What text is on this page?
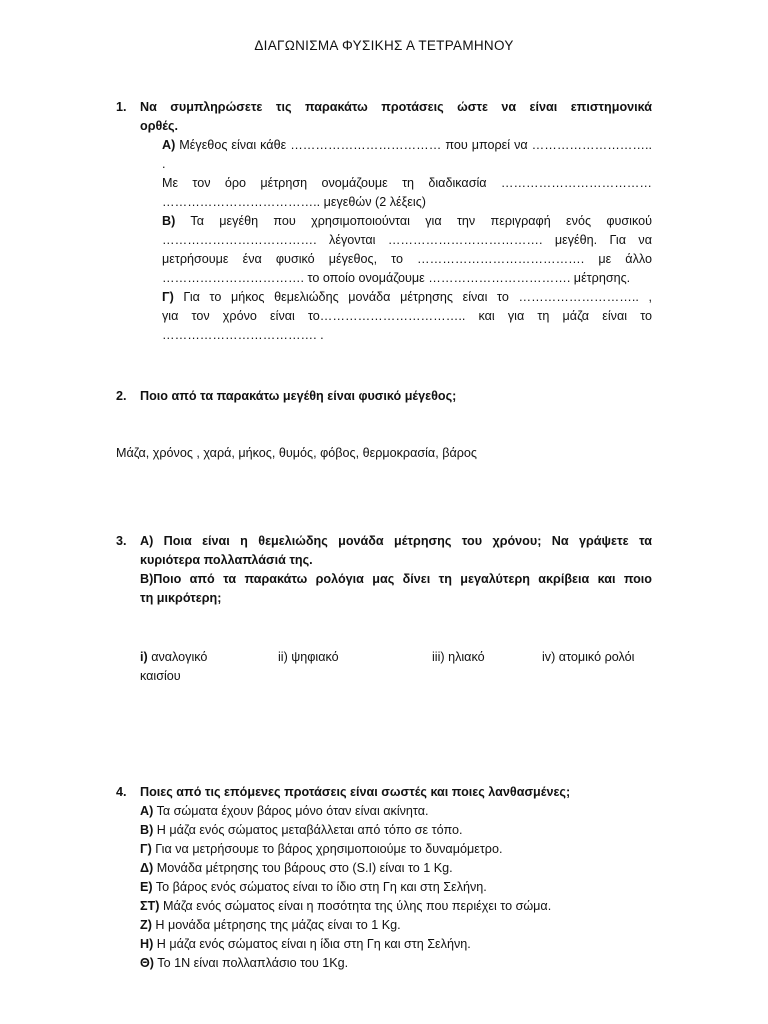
ΔΙΑΓΩΝΙΣΜΑ ΦΥΣΙΚΗΣ Α ΤΕΤΡΑΜΗΝΟΥ
1.	Να συμπληρώσετε τις παρακάτω προτάσεις ώστε να είναι επιστημονικά
ορθές.
Α) Μέγεθος είναι κάθε ……………………………… που μπορεί να ……………………….. .
Με τον όρο μέτρηση ονομάζουμε τη διαδικασία ………………………………
……………………………….. μεγεθών (2 λέξεις)
Β) Τα μεγέθη που χρησιμοποιούνται για την περιγραφή ενός φυσικού
………………………………. λέγονται ………………………………. μεγέθη. Για να
μετρήσουμε ένα φυσικό μέγεθος, το …………………………………. με άλλο
……………………………. το οποίο ονομάζουμε ……………………………. μέτρησης.
Γ) Για το μήκος θεμελιώδης μονάδα μέτρησης είναι το ……………………….. ,
για τον χρόνο είναι το…………………………….. και για τη μάζα είναι το
………………………………. .
2.	Ποιο από τα παρακάτω μεγέθη είναι φυσικό μέγεθος;
Μάζα, χρόνος , χαρά, μήκος, θυμός, φόβος, θερμοκρασία, βάρος
3.	Α) Ποια είναι η θεμελιώδης μονάδα μέτρησης του χρόνου; Να γράψετε τα
κυριότερα πολλαπλάσιά της.
Β)Ποιο από τα παρακάτω ρολόγια μας δίνει τη μεγαλύτερη ακρίβεια και ποιο
τη μικρότερη;
i) αναλογικό	ii) ψηφιακό	iii) ηλιακό	iv) ατομικό ρολόι
καισίου
4.	Ποιες από τις επόμενες προτάσεις είναι σωστές και ποιες λανθασμένες;
Α) Τα σώματα έχουν βάρος μόνο όταν είναι ακίνητα.
Β) Η μάζα ενός σώματος μεταβάλλεται από τόπο σε τόπο.
Γ) Για να μετρήσουμε το βάρος χρησιμοποιούμε το δυναμόμετρο.
Δ) Μονάδα μέτρησης του βάρους στο (S.I) είναι το 1 Kg.
Ε) Το βάρος ενός σώματος είναι το ίδιο στη Γη και στη Σελήνη.
ΣΤ) Μάζα ενός σώματος είναι η ποσότητα της ύλης που περιέχει το σώμα.
Ζ) Η μονάδα μέτρησης της μάζας είναι το 1 Kg.
Η) Η μάζα ενός σώματος είναι η ίδια στη Γη και στη Σελήνη.
Θ) Το 1Ν είναι πολλαπλάσιο του 1Kg.
